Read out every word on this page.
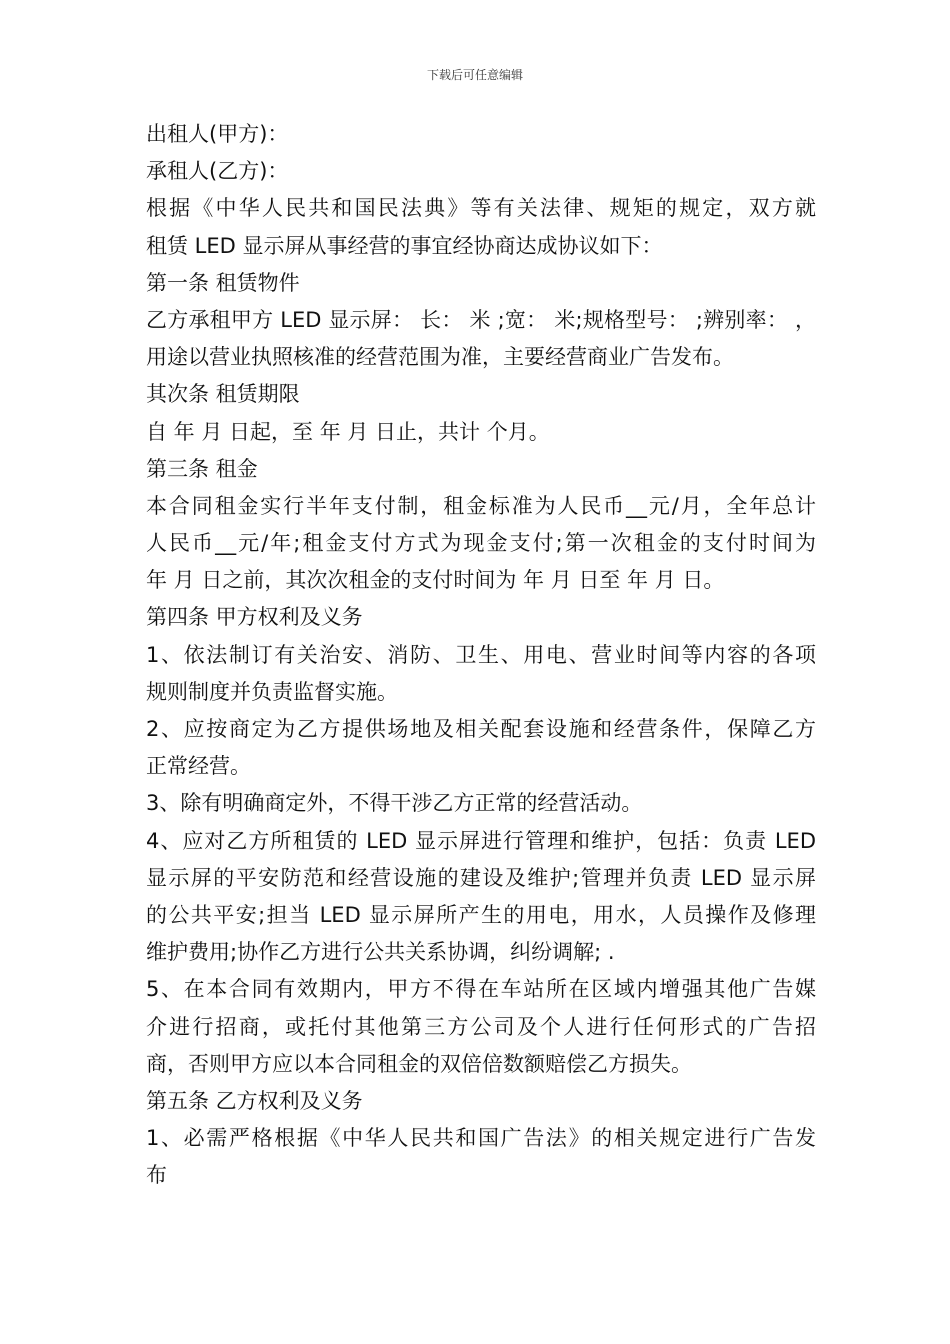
下载后可任意编辑
出租人(甲方)：
承租人(乙方)：
根据《中华人民共和国民法典》等有关法律、规矩的规定，双方就
租赁 LED 显示屏从事经营的事宜经协商达成协议如下：
第一条 租赁物件
乙方承租甲方 LED 显示屏： 长： 米 ;宽： 米;规格型号： ;辨别率： ，
用途以营业执照核准的经营范围为准，主要经营商业广告发布。
其次条 租赁期限
自 年 月 日起，至 年 月 日止，共计 个月。
第三条 租金
本合同租金实行半年支付制，租金标准为人民币__元/月，全年总计
人民币__元/年;租金支付方式为现金支付;第一次租金的支付时间为
年 月 日之前，其次次租金的支付时间为 年 月 日至 年 月 日。
第四条 甲方权利及义务
1、依法制订有关治安、消防、卫生、用电、营业时间等内容的各项
规则制度并负责监督实施。
2、应按商定为乙方提供场地及相关配套设施和经营条件，保障乙方
正常经营。
3、除有明确商定外，不得干涉乙方正常的经营活动。
4、应对乙方所租赁的 LED 显示屏进行管理和维护，包括：负责 LED
显示屏的平安防范和经营设施的建设及维护;管理并负责 LED 显示屏
的公共平安;担当 LED 显示屏所产生的用电，用水，人员操作及修理
维护费用;协作乙方进行公共关系协调，纠纷调解; .
5、在本合同有效期内，甲方不得在车站所在区域内增强其他广告媒
介进行招商，或托付其他第三方公司及个人进行任何形式的广告招
商，否则甲方应以本合同租金的双倍倍数额赔偿乙方损失。
第五条 乙方权利及义务
1、必需严格根据《中华人民共和国广告法》的相关规定进行广告发
布
